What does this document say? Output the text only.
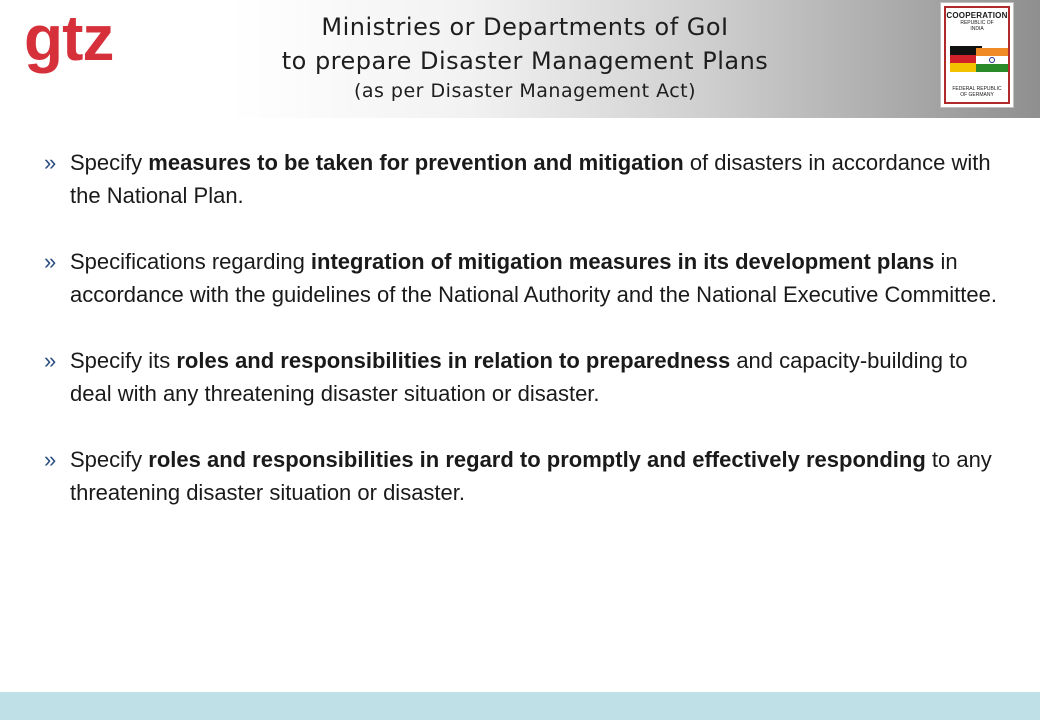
gtz	Ministries or Departments of GoI
to prepare Disaster Management Plans
(as per Disaster Management Act)
COOPERATION
REPUBLIC OF
INDIA
FEDERAL REPUBLIC
OF GERMANY
» Specify measures to be taken for prevention and mitigation of disasters in accordance with the National Plan.
» Specifications regarding integration of mitigation measures in its development plans in accordance with the guidelines of the National Authority and the National Executive Committee.
» Specify its roles and responsibilities in relation to preparedness and capacity-building to deal with any threatening disaster situation or disaster.
» Specify roles and responsibilities in regard to promptly and effectively responding to any threatening disaster situation or disaster.
